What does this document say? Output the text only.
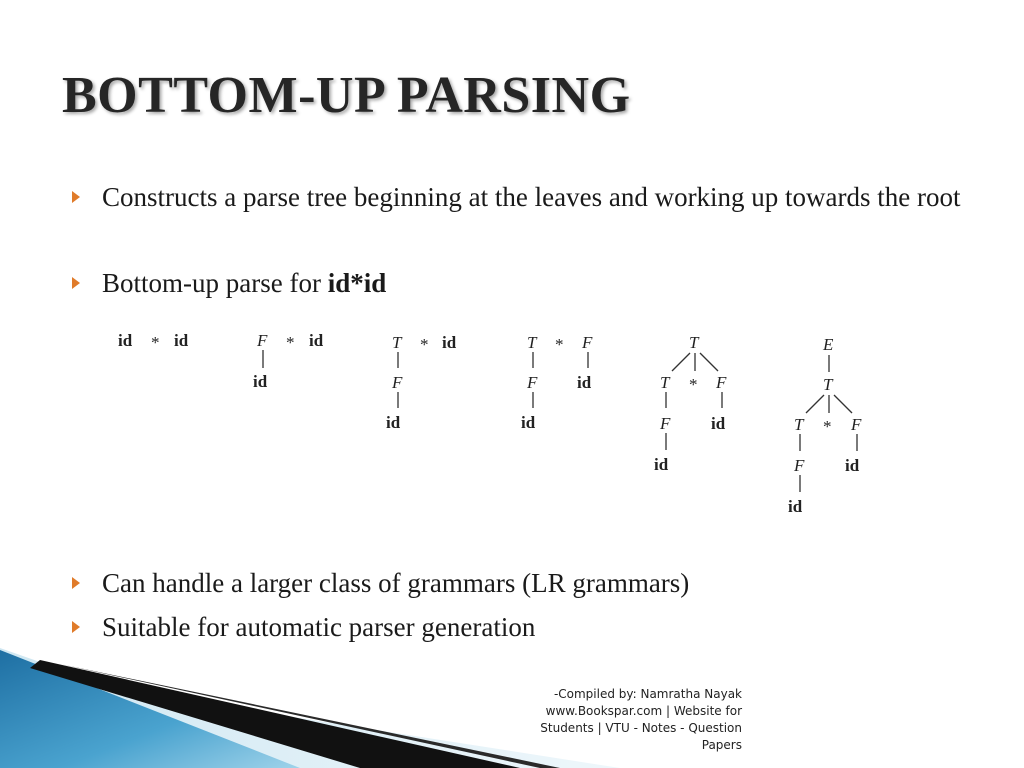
BOTTOM-UP PARSING
Constructs a parse tree beginning at the leaves and working up towards the root
Bottom-up parse for id*id
Can handle a larger class of grammars (LR grammars)
Suitable for automatic parser generation
id * id	F * id
id
T * id
F
id
T * F
F id
id
T
T * F
F id
id
E
T
T * F
F id
id
-Compiled by: Namratha Nayak
www.Bookspar.com | Website for
Students | VTU - Notes - Question
Papers
